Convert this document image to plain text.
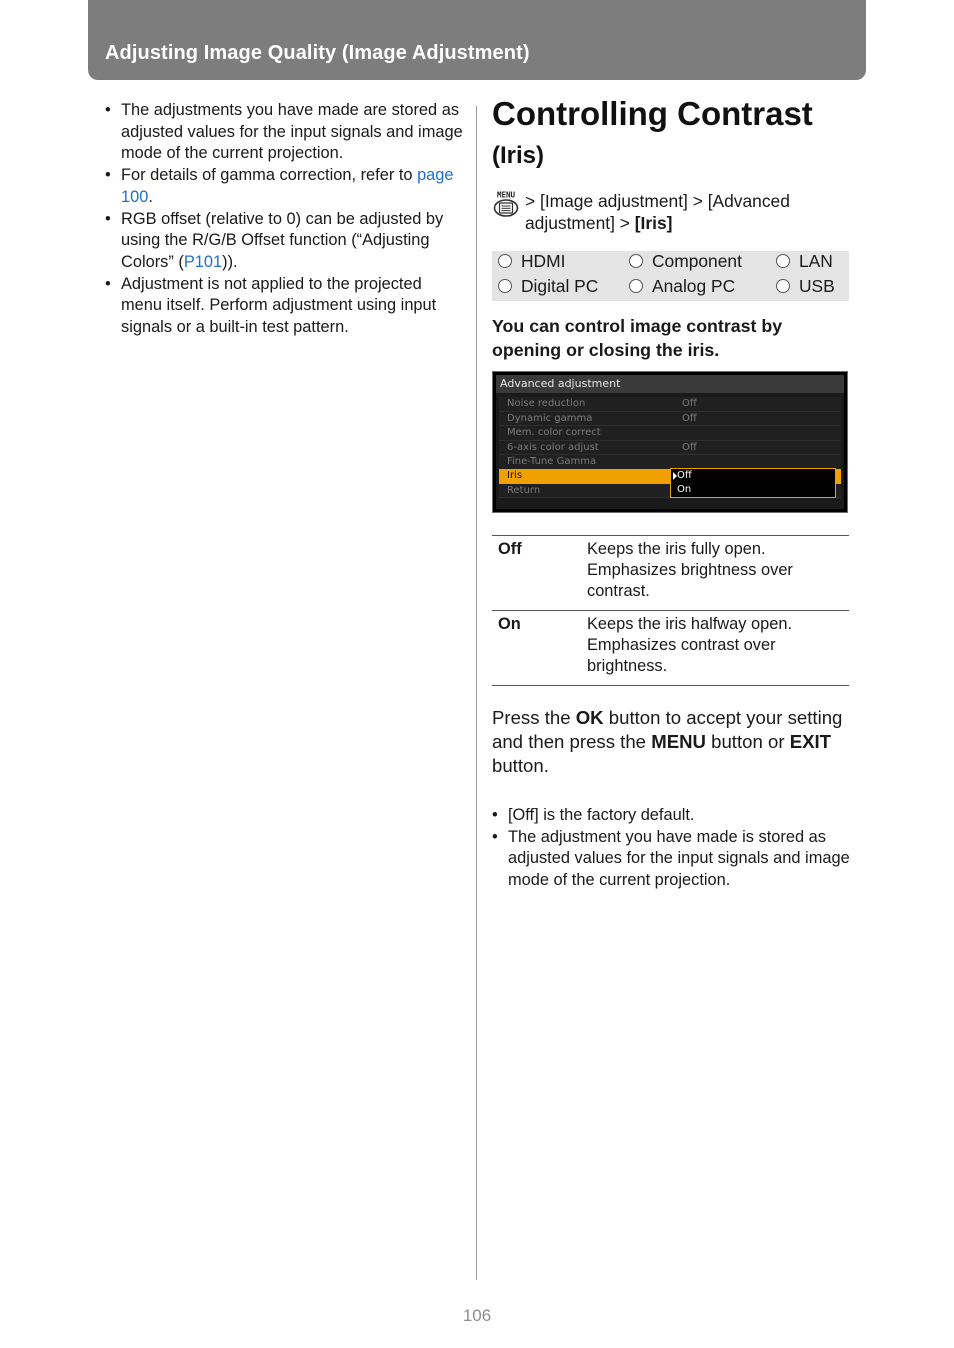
Adjusting Image Quality (Image Adjustment)
• The adjustments you have made are stored as adjusted values for the input signals and image mode of the current projection.
• For details of gamma correction, refer to page 100.
• RGB offset (relative to 0) can be adjusted by using the R/G/B Offset function (“Adjusting Colors” (P101)).
• Adjustment is not applied to the projected menu itself. Perform adjustment using input signals or a built-in test pattern.
Controlling Contrast
(Iris)
MENU > [Image adjustment] > [Advanced adjustment] > [Iris]
HDMI	Component	LAN
Digital PC	Analog PC	USB

You can control image contrast by opening or closing the iris.

Advanced adjustment
Noise reduction	Off
Dynamic gamma	Off
Mem. color correct
6-axis color adjust	Off
Fine-Tune Gamma
Iris
Return
Off
On
Off	Keeps the iris fully open. Emphasizes brightness over contrast.
On	Keeps the iris halfway open. Emphasizes contrast over brightness.

Press the OK button to accept your setting and then press the MENU button or EXIT button.

• [Off] is the factory default.
• The adjustment you have made is stored as adjusted values for the input signals and image mode of the current projection.
106
